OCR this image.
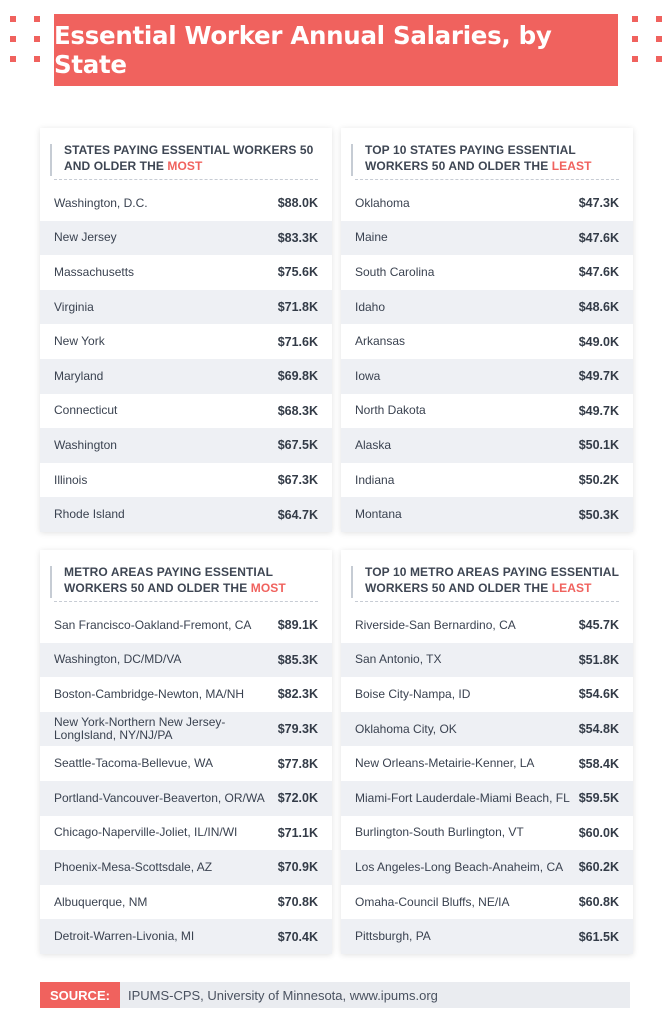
Essential Worker Annual Salaries, by State
STATES PAYING ESSENTIAL WORKERS 50 AND OLDER THE MOST
Washington, D.C.	$88.0K
New Jersey	$83.3K
Massachusetts	$75.6K
Virginia	$71.8K
New York	$71.6K
Maryland	$69.8K
Connecticut	$68.3K
Washington	$67.5K
Illinois	$67.3K
Rhode Island	$64.7K
TOP 10 STATES PAYING ESSENTIAL WORKERS 50 AND OLDER THE LEAST
Oklahoma	$47.3K
Maine	$47.6K
South Carolina	$47.6K
Idaho	$48.6K
Arkansas	$49.0K
Iowa	$49.7K
North Dakota	$49.7K
Alaska	$50.1K
Indiana	$50.2K
Montana	$50.3K
METRO AREAS PAYING ESSENTIAL WORKERS 50 AND OLDER THE MOST
San Francisco-Oakland-Fremont, CA $89.1K
Washington, DC/MD/VA	$85.3K
Boston-Cambridge-Newton, MA/NH	$82.3K
New York-Northern New Jersey-LongIsland, NY/NJ/PA	$79.3K
Seattle-Tacoma-Bellevue, WA	$77.8K
Portland-Vancouver-Beaverton, OR/WA $72.0K
Chicago-Naperville-Joliet, IL/IN/WI	$71.1K
Phoenix-Mesa-Scottsdale, AZ	$70.9K
Albuquerque, NM	$70.8K
Detroit-Warren-Livonia, MI	$70.4K
TOP 10 METRO AREAS PAYING ESSENTIAL WORKERS 50 AND OLDER THE LEAST
Riverside-San Bernardino, CA	$45.7K
San Antonio, TX	$51.8K
Boise City-Nampa, ID	$54.6K
Oklahoma City, OK	$54.8K
New Orleans-Metairie-Kenner, LA	$58.4K
Miami-Fort Lauderdale-Miami Beach, FL $59.5K
Burlington-South Burlington, VT	$60.0K
Los Angeles-Long Beach-Anaheim, CA $60.2K
Omaha-Council Bluffs, NE/IA	$60.8K
Pittsburgh, PA	$61.5K
SOURCE:	IPUMS-CPS, University of Minnesota, www.ipums.org
